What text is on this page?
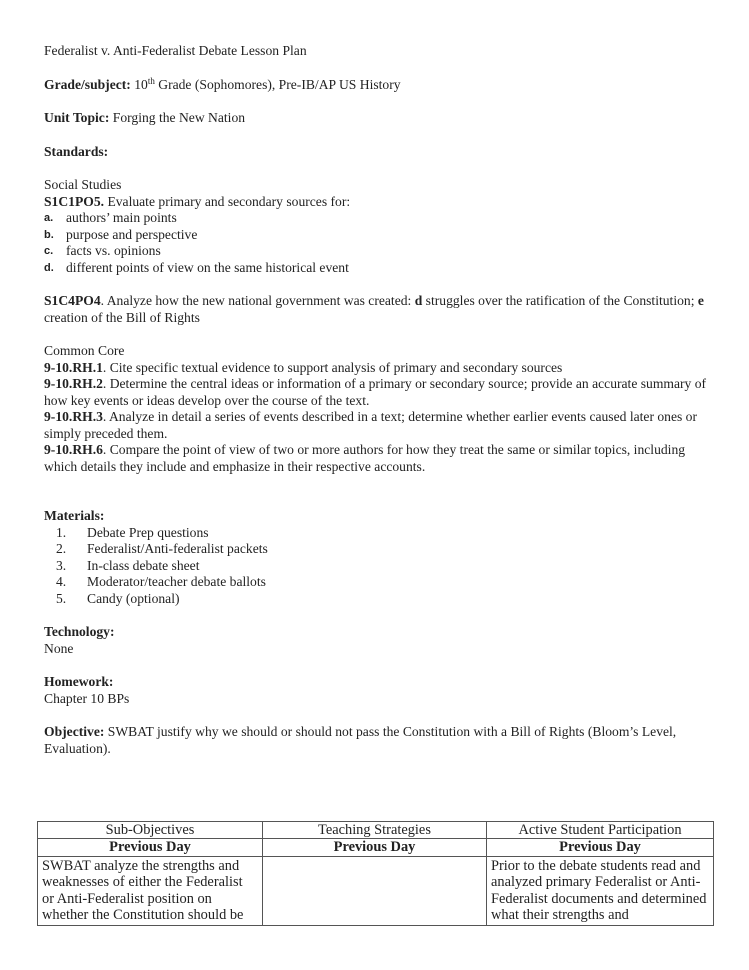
Federalist v. Anti-Federalist Debate Lesson Plan

Grade/subject: 10th Grade (Sophomores), Pre-IB/AP US History

Unit Topic: Forging the New Nation

Standards:

Social Studies

S1C1PO5. Evaluate primary and secondary sources for:

a. authors’ main points
b. purpose and perspective
c. facts vs. opinions
d. different points of view on the same historical event

S1C4PO4. Analyze how the new national government was created: d struggles over the ratification of the Constitution; e creation of the Bill of Rights

Common Core

9-10.RH.1. Cite specific textual evidence to support analysis of primary and secondary sources

9-10.RH.2. Determine the central ideas or information of a primary or secondary source; provide an accurate summary of how key events or ideas develop over the course of the text.

9-10.RH.3. Analyze in detail a series of events described in a text; determine whether earlier events caused later ones or simply preceded them.

9-10.RH.6. Compare the point of view of two or more authors for how they treat the same or similar topics, including which details they include and emphasize in their respective accounts.

Materials:

1.	Debate Prep questions
2.	Federalist/Anti-federalist packets
3.	In-class debate sheet
4.	Moderator/teacher debate ballots
5.	Candy (optional)

Technology:

None

Homework:

Chapter 10 BPs

Objective: SWBAT justify why we should or should not pass the Constitution with a Bill of Rights (Bloom’s Level, Evaluation).

Sub-Objectives	Teaching Strategies	Active Student Participation
Previous Day	Previous Day	Previous Day
SWBAT analyze the strengths and weaknesses of either the Federalist or Anti-Federalist position on whether the Constitution should be		Prior to the debate students read and analyzed primary Federalist or Anti-Federalist documents and determined what their strengths and
